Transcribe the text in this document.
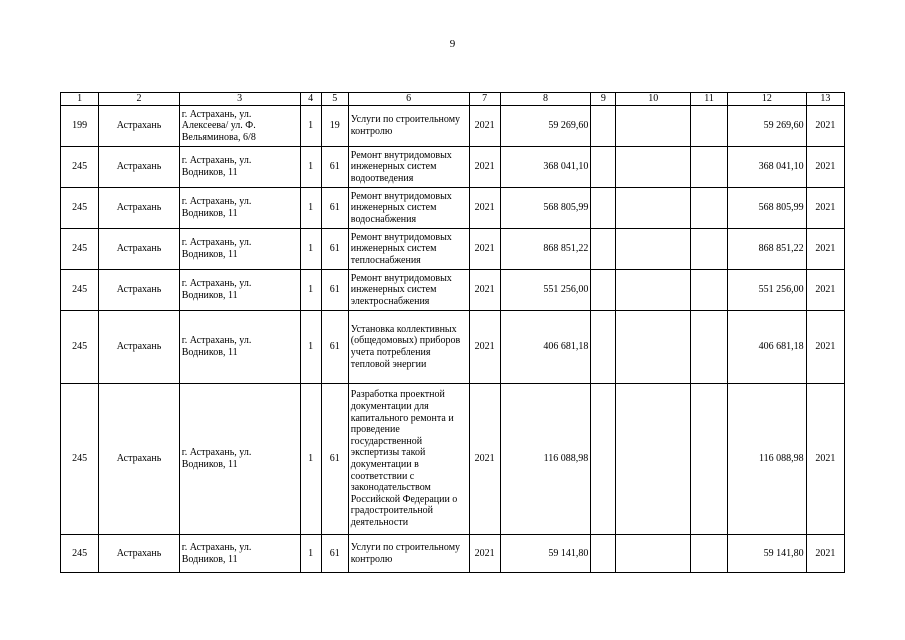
9
1	2	3	4	5	6	7	8	9	10	11	12	13
199	Астрахань	г. Астрахань, ул. Алексеева/ ул. Ф. Вельяминова, 6/8	1	19	Услуги по строительному контролю	2021	59 269,60				59 269,60	2021
245	Астрахань	г. Астрахань, ул. Водников, 11	1	61	Ремонт внутридомовых инженерных систем водоотведения	2021	368 041,10				368 041,10	2021
245	Астрахань	г. Астрахань, ул. Водников, 11	1	61	Ремонт внутридомовых инженерных систем водоснабжения	2021	568 805,99				568 805,99	2021
245	Астрахань	г. Астрахань, ул. Водников, 11	1	61	Ремонт внутридомовых инженерных систем теплоснабжения	2021	868 851,22				868 851,22	2021
245	Астрахань	г. Астрахань, ул. Водников, 11	1	61	Ремонт внутридомовых инженерных систем электроснабжения	2021	551 256,00				551 256,00	2021
245	Астрахань	г. Астрахань, ул. Водников, 11	1	61	Установка коллективных (общедомовых) приборов учета потребления тепловой энергии	2021	406 681,18				406 681,18	2021
245	Астрахань	г. Астрахань, ул. Водников, 11	1	61	Разработка проектной документации для капитального ремонта и проведение государственной экспертизы такой документации в соответствии с законодательством Российской Федерации о градостроительной деятельности	2021	116 088,98				116 088,98	2021
245	Астрахань	г. Астрахань, ул. Водников, 11	1	61	Услуги по строительному контролю	2021	59 141,80				59 141,80	2021
